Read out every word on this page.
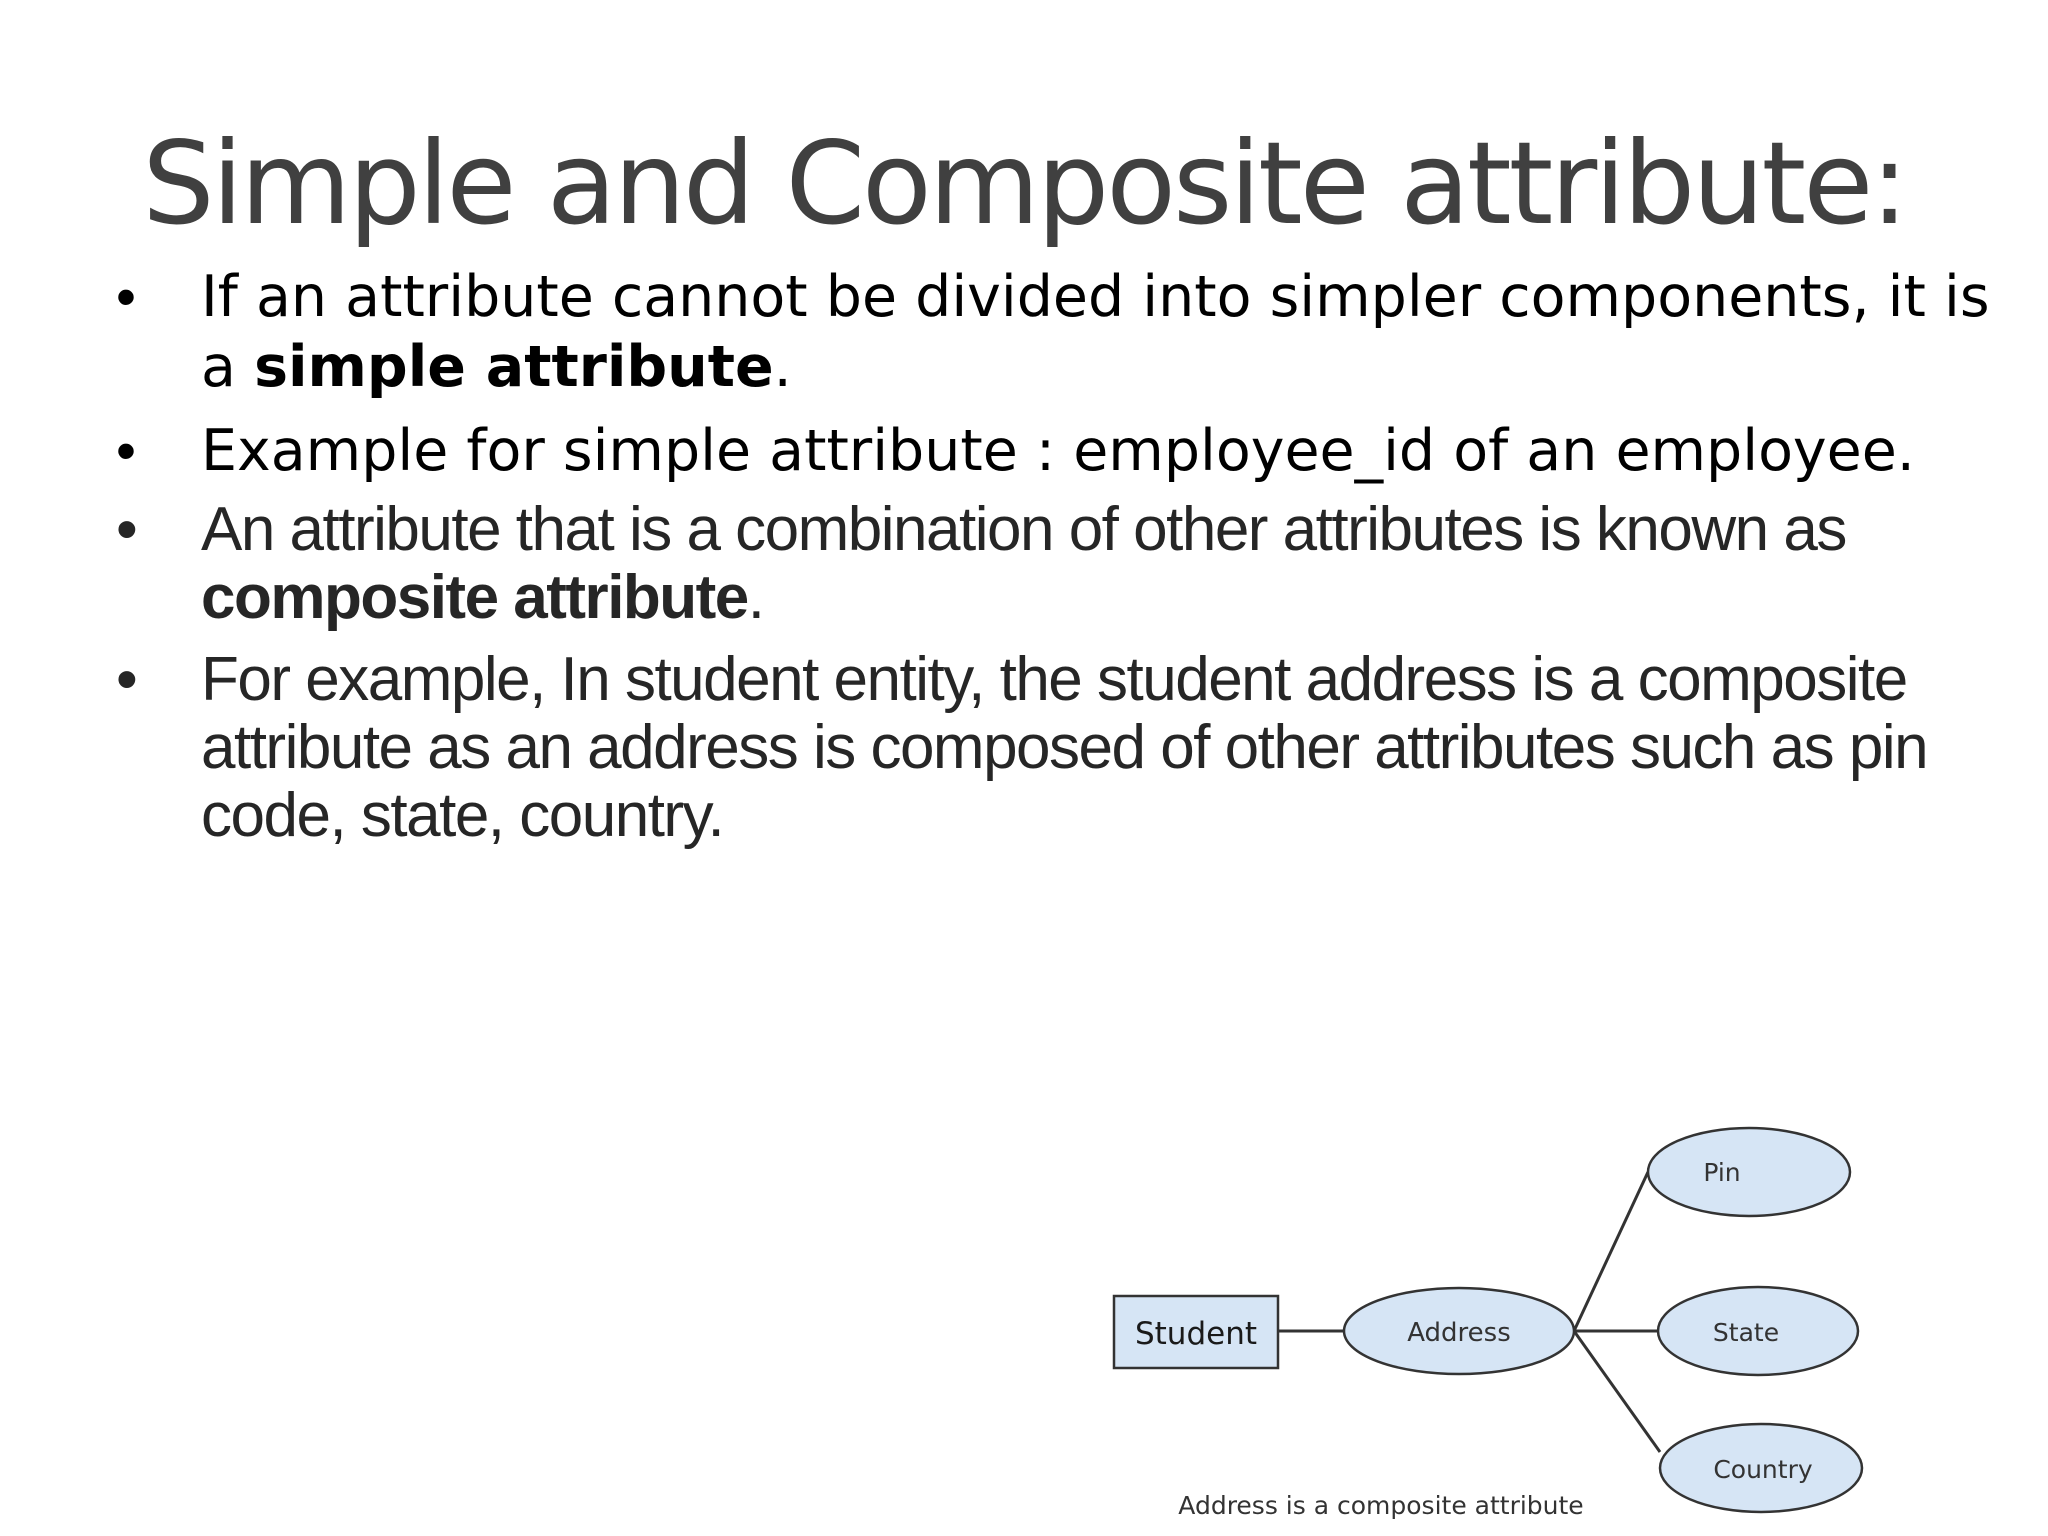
Simple and Composite attribute:
• If an attribute cannot be divided into simpler components, it is a simple attribute.
• Example for simple attribute : employee_id of an employee.
• An attribute that is a combination of other attributes is known as composite attribute.
• For example, In student entity, the student address is a composite attribute as an address is composed of other attributes such as pin code, state, country.
Student	Address
Pin
State
Country
Address is a composite attribute
